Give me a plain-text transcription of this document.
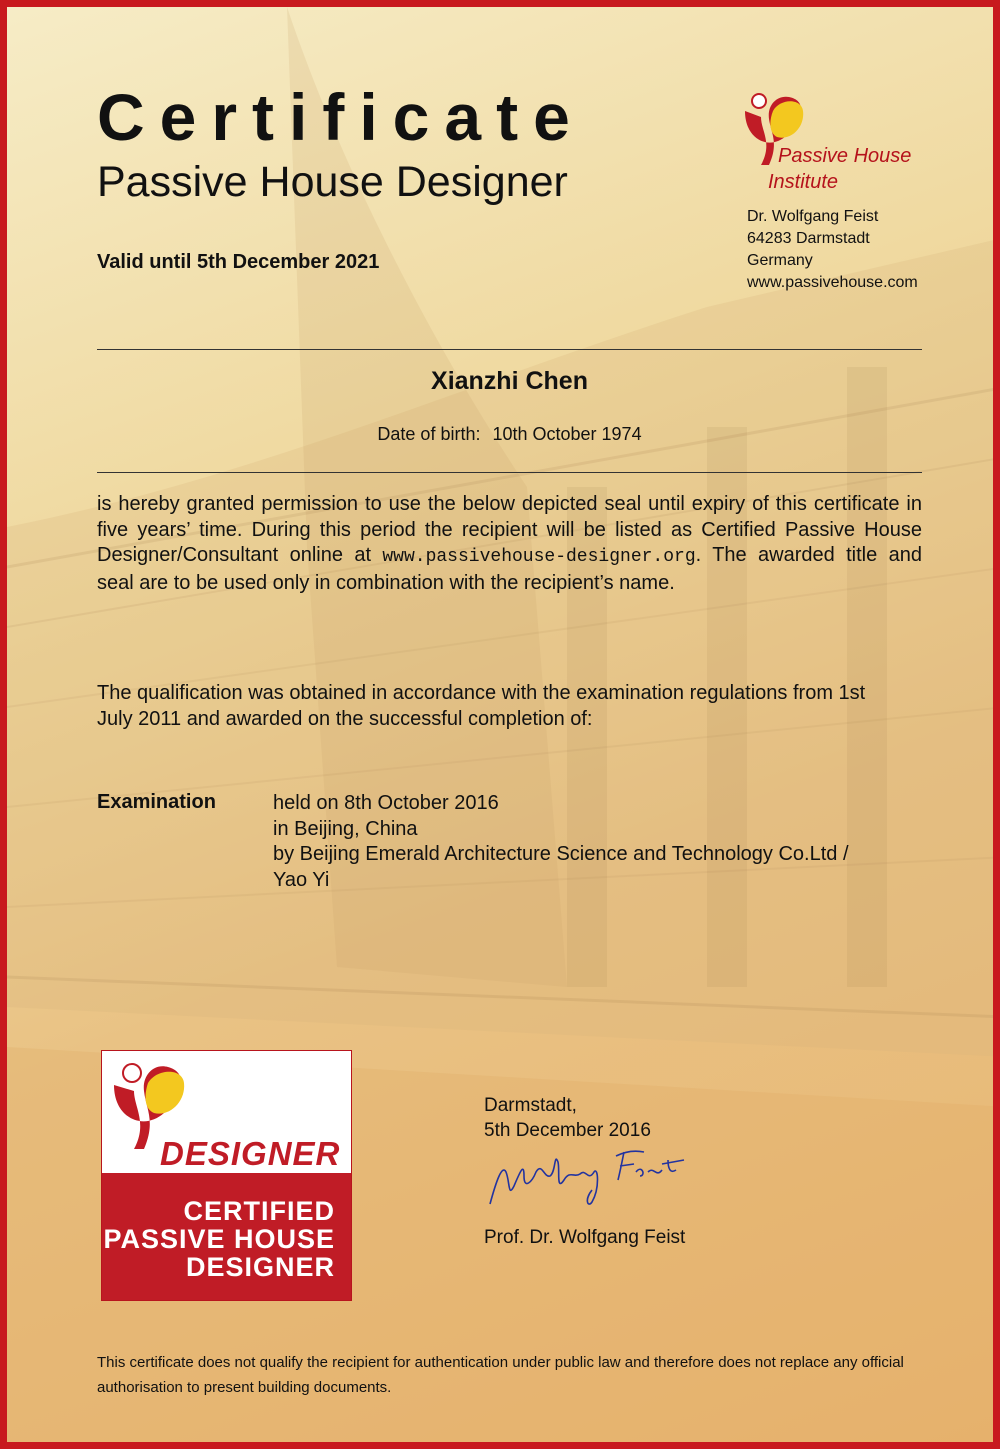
Certificate
Passive House Designer
Valid until 5th December 2021
Passive House
Institute
Dr. Wolfgang Feist
64283 Darmstadt
Germany
www.passivehouse.com
Xianzhi Chen
Date of birth: 10th October 1974
is hereby granted permission to use the below depicted seal until expiry of this certificate in five years’ time. During this period the recipient will be listed as Certified Passive House Designer/Consultant online at www.passivehouse-designer.org. The awarded title and seal are to be used only in combination with the recipient’s name.
The qualification was obtained in accordance with the examination regulations from 1st July 2011 and awarded on the successful completion of:
Examination	held on 8th October 2016
in Beijing, China
by Beijing Emerald Architecture Science and Technology Co.Ltd /
Yao Yi
DESIGNER
CERTIFIED
PASSIVE HOUSE
DESIGNER
Darmstadt,
5th December 2016
Prof. Dr. Wolfgang Feist
This certificate does not qualify the recipient for authentication under public law and therefore does not replace any official authorisation to present building documents.
